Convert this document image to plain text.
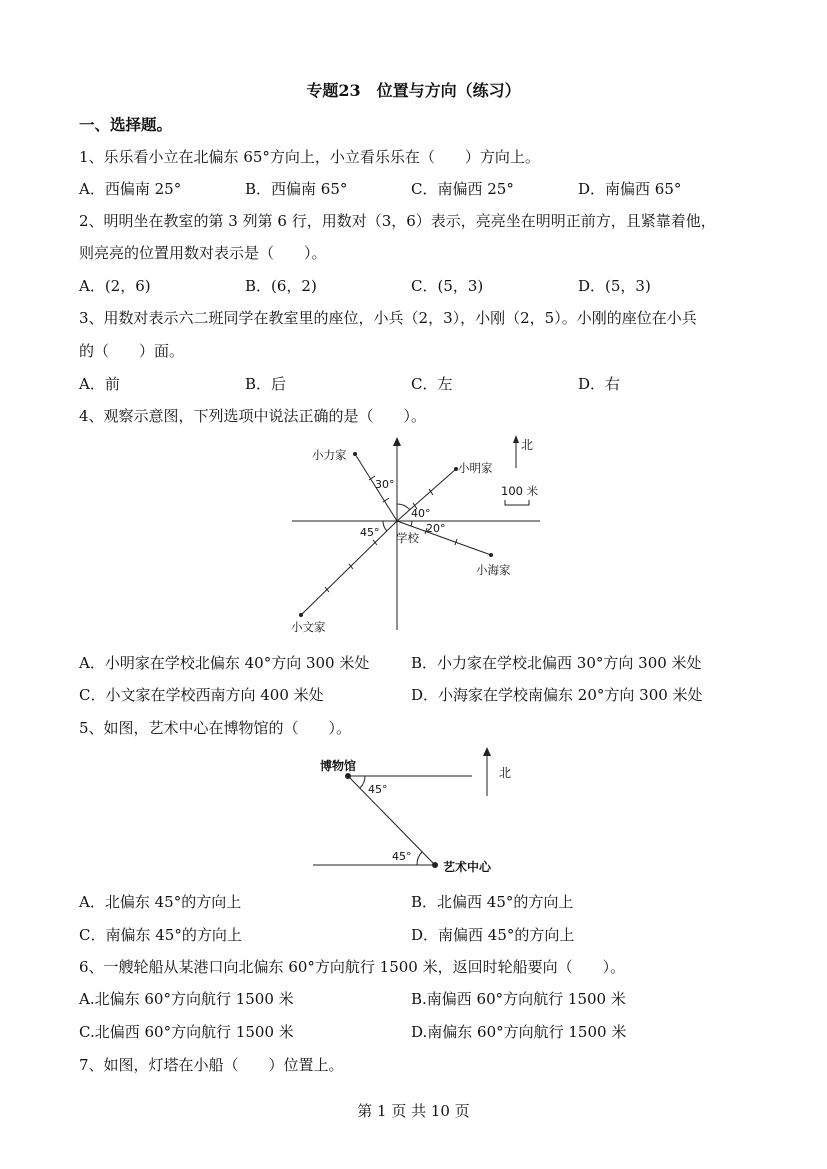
专题23　位置与方向（练习）
一、选择题。
1、乐乐看小立在北偏东 65°方向上，小立看乐乐在（　　）方向上。
A．西偏南 25°	B．西偏南 65°	C．南偏西 25°	D．南偏西 65°
2、明明坐在教室的第 3 列第 6 行，用数对（3，6）表示，亮亮坐在明明正前方，且紧靠着他，
则亮亮的位置用数对表示是（　　）。
A．(2，6)	B．(6，2)	C．(5，3)	D．(5，3)
3、用数对表示六二班同学在教室里的座位，小兵（2，3），小刚（2，5）。小刚的座位在小兵
的（　　）面。
A．前	B．后	C．左	D．右
4、观察示意图，下列选项中说法正确的是（　　）。
小力家
小明家
学校
小海家
小文家
30°
40°
45°	20°
北
100 米
A．小明家在学校北偏东 40°方向 300 米处	B．小力家在学校北偏西 30°方向 300 米处
C．小文家在学校西南方向 400 米处	D．小海家在学校南偏东 20°方向 300 米处
5、如图，艺术中心在博物馆的（　　）。
博物馆
艺术中心
45°
45°
北
A．北偏东 45°的方向上	B．北偏西 45°的方向上
C．南偏东 45°的方向上	D．南偏西 45°的方向上
6、一艘轮船从某港口向北偏东 60°方向航行 1500 米，返回时轮船要向（　　）。
A.北偏东 60°方向航行 1500 米	B.南偏西 60°方向航行 1500 米
C.北偏西 60°方向航行 1500 米	D.南偏东 60°方向航行 1500 米
7、如图，灯塔在小船（　　）位置上。
第 1 页 共 10 页
